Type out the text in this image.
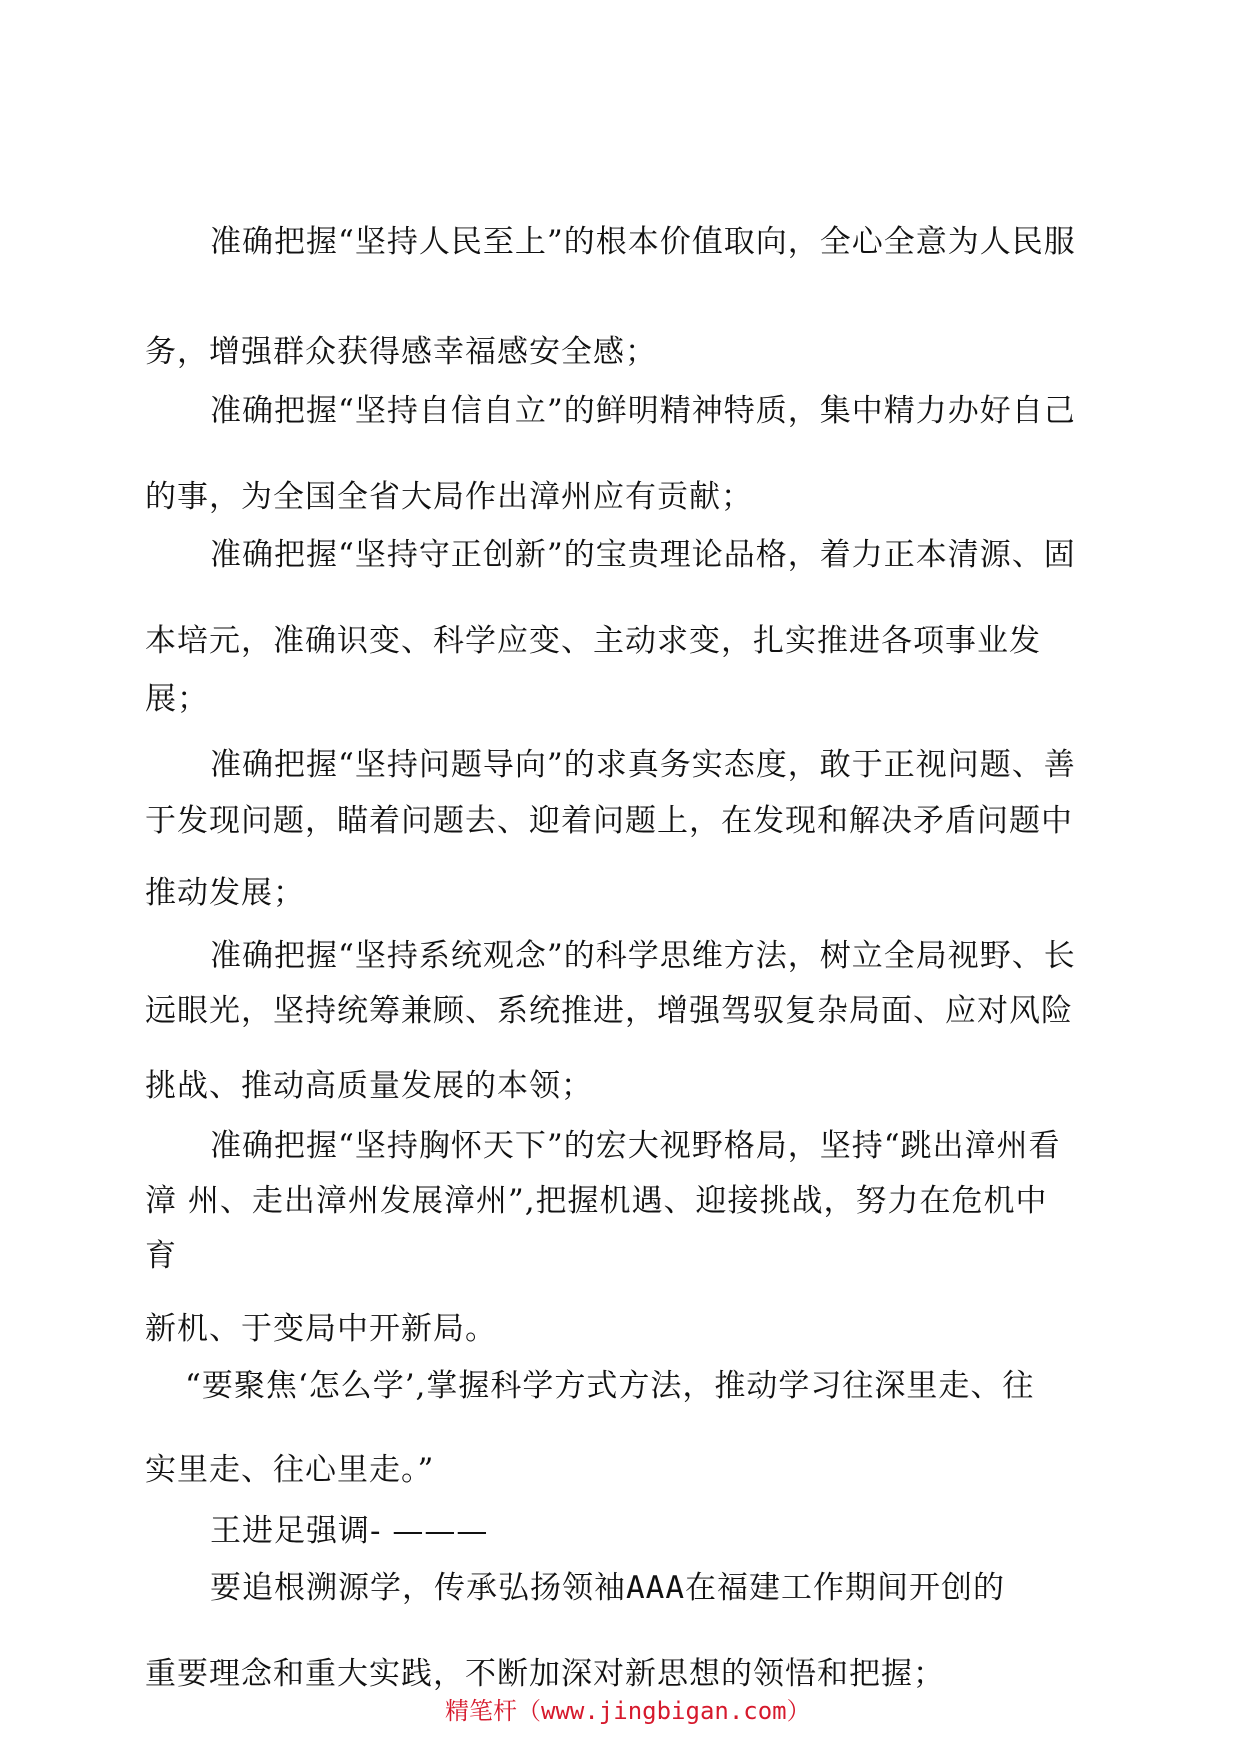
准确把握“坚持人民至上”的根本价值取向，全心全意为人民服
务，增强群众获得感幸福感安全感；
准确把握“坚持自信自立”的鲜明精神特质，集中精力办好自己
的事，为全国全省大局作出漳州应有贡献；
准确把握“坚持守正创新”的宝贵理论品格，着力正本清源、固
本培元，准确识变、科学应变、主动求变，扎实推进各项事业发
展；
准确把握“坚持问题导向”的求真务实态度，敢于正视问题、善
于发现问题，瞄着问题去、迎着问题上，在发现和解决矛盾问题中
推动发展；
准确把握“坚持系统观念”的科学思维方法，树立全局视野、长
远眼光，坚持统筹兼顾、系统推进，增强驾驭复杂局面、应对风险
挑战、推动高质量发展的本领；
准确把握“坚持胸怀天下”的宏大视野格局，坚持“跳出漳州看
漳 州、走出漳州发展漳州”,把握机遇、迎接挑战，努力在危机中
育
新机、于变局中开新局。
“要聚焦‘怎么学’,掌握科学方式方法，推动学习往深里走、往
实里走、往心里走。”
王进足强调- ———
要追根溯源学，传承弘扬领袖AAA在福建工作期间开创的
重要理念和重大实践，不断加深对新思想的领悟和把握；
精笔杆（www.jingbigan.com）
